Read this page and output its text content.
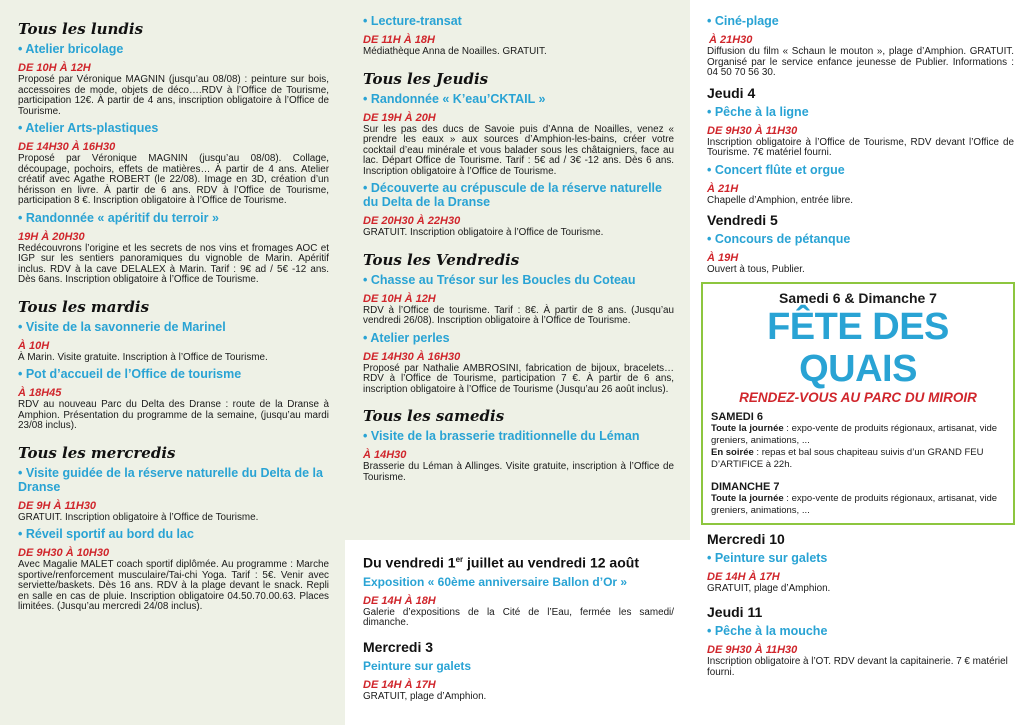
Tous les lundis
• Atelier bricolage
DE 10H À 12H
Proposé par Véronique MAGNIN (jusqu’au 08/08) : peinture sur bois, accessoires de mode, objets de déco….RDV à l’Office de Tourisme, participation 12€. À partir de 4 ans, inscription obligatoire à l’Office de Tourisme.
• Atelier Arts-plastiques
DE 14H30 À 16H30
Proposé par Véronique MAGNIN (jusqu’au 08/08). Collage, découpage, pochoirs, effets de matières… À partir de 4 ans. Atelier créatif avec Agathe ROBERT (le 22/08). Image en 3D, création d’un hérisson en livre. À partir de 6 ans. RDV à l’Office de Tourisme, participation 8 €. Inscription obligatoire à l’Office de Tourisme.
• Randonnée « apéritif du terroir »
19H À 20H30
Redécouvrons l’origine et les secrets de nos vins et fromages AOC et IGP sur les sentiers panoramiques du vignoble de Marin. Apéritif inclus. RDV à la cave DELALEX à Marin. Tarif : 9€ ad / 5€ -12 ans. Dès 6ans. Inscription obligatoire à l’Office de Tourisme.
Tous les mardis
• Visite de la savonnerie de Marinel
À 10H
À Marin. Visite gratuite. Inscription à l’Office de Tourisme.
• Pot d’accueil de l’Office de tourisme
À 18H45
RDV au nouveau Parc du Delta des Dranse : route de la Dranse à Amphion. Présentation du programme de la semaine, (jusqu’au mardi 23/08 inclus).
Tous les mercredis
• Visite guidée de la réserve naturelle du Delta de la Dranse
DE 9H À 11H30
GRATUIT. Inscription obligatoire à l’Office de Tourisme.
• Réveil sportif au bord du lac
DE 9H30 À 10H30
Avec Magalie MALET coach sportif diplômée. Au programme : Marche sportive/renforcement musculaire/Tai-chi Yoga. Tarif : 5€. Venir avec serviette/baskets. Dès 16 ans. RDV à la plage devant le snack. Repli en salle en cas de pluie. Inscription obligatoire 04.50.70.00.63. Places limitées. (Jusqu’au mercredi 24/08 inclus).
• Lecture-transat
DE 11H À 18H
Médiathèque Anna de Noailles. GRATUIT.
Tous les Jeudis
• Randonnée « K’eau’CKTAIL »
DE 19H À 20H
Sur les pas des ducs de Savoie puis d’Anna de Noailles, venez « prendre les eaux » aux sources d’Amphion-les-bains, créer votre cocktail d’eau minérale et vous balader sous les châtaigniers, face au lac. Départ Office de Tourisme. Tarif : 5€ ad / 3€ -12 ans. Dès 6 ans. Inscription obligatoire à l’Office de Tourisme.
• Découverte au crépuscule de la réserve naturelle du Delta de la Dranse
DE 20H30 À 22H30
GRATUIT. Inscription obligatoire à l’Office de Tourisme.
Tous les Vendredis
• Chasse au Trésor sur les Boucles du Coteau
DE 10H À 12H
RDV à l’Office de tourisme. Tarif : 8€. À partir de 8 ans. (Jusqu’au vendredi 26/08). Inscription obligatoire à l’Office de Tourisme.
• Atelier perles
DE 14H30 À 16H30
Proposé par Nathalie AMBROSINI, fabrication de bijoux, bracelets… RDV à l’Office de Tourisme, participation 7 €. À partir de 6 ans, inscription obligatoire à l’Office de Tourisme (Jusqu’au 26 août inclus).
Tous les samedis
• Visite de la brasserie traditionnelle du Léman
À 14H30
Brasserie du Léman à Allinges. Visite gratuite, inscription à l’Office de Tourisme.
Du vendredi 1er juillet au vendredi 12 août
Exposition « 60ème anniversaire Ballon d’Or »
DE 14H À 18H
Galerie d’expositions de la Cité de l’Eau, fermée les samedi/ dimanche.
Mercredi 3
Peinture sur galets
DE 14H À 17H
GRATUIT, plage d’Amphion.
• Ciné-plage
À 21H30
Diffusion du film « Schaun le mouton », plage d’Amphion. GRATUIT. Organisé par le service enfance jeunesse de Publier. Informations : 04 50 70 56 30.
Jeudi 4
• Pêche à la ligne
DE 9H30 À 11H30
Inscription obligatoire à l’Office de Tourisme, RDV devant l’Office de Tourisme. 7€ matériel fourni.
• Concert flûte et orgue
À 21H
Chapelle d’Amphion, entrée libre.
Vendredi 5
• Concours de pétanque
À 19H
Ouvert à tous, Publier.
Samedi 6 & Dimanche 7
FÊTE DES QUAIS
RENDEZ-VOUS AU PARC DU MIROIR
SAMEDI 6
Toute la journée : expo-vente de produits régionaux, artisanat, vide greniers, animations, ...
En soirée : repas et bal sous chapiteau suivis d’un GRAND FEU D’ARTIFICE à 22h.
DIMANCHE 7
Toute la journée : expo-vente de produits régionaux, artisanat, vide greniers, animations, ...
Mercredi 10
• Peinture sur galets
DE 14H À 17H
GRATUIT, plage d’Amphion.
Jeudi 11
• Pêche à la mouche
DE 9H30 À 11H30
Inscription obligatoire à l’OT. RDV devant la capitainerie. 7 € matériel fourni.
